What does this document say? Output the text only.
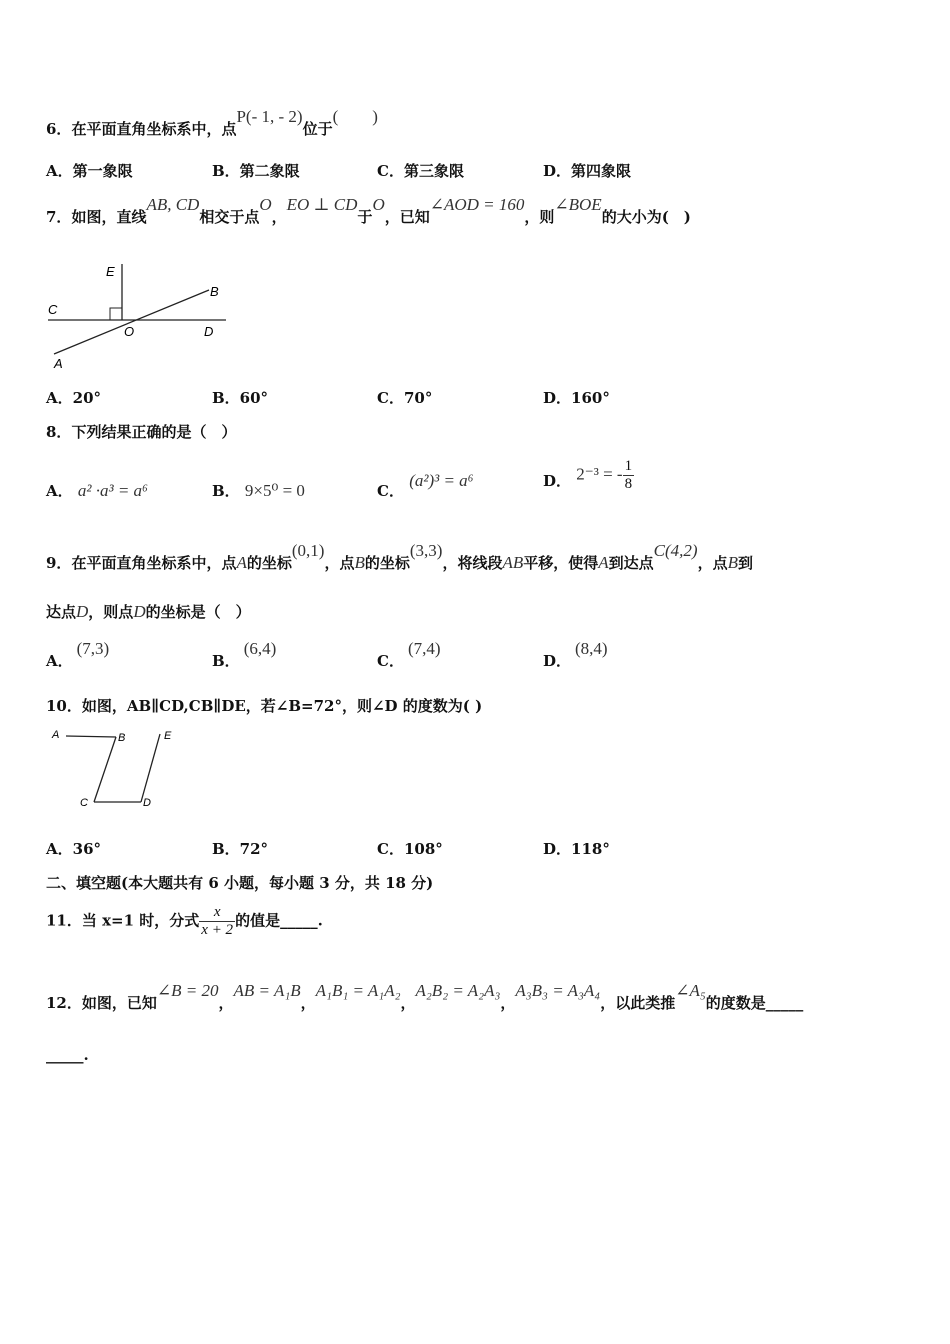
6．在平面直角坐标系中，点P(- 1, - 2)位于(　　)
A．第一象限	B．第二象限	C．第三象限	D．第四象限
7．如图，直线AB, CD相交于点O，EO ⊥ CD于O，已知∠AOD = 160，则∠BOE的大小为(　)
E
C
O	D
B
A
A．20°	B．60°	C．70°	D．160°
8．下列结果正确的是（　）
A． a² ·a³ = a⁶	B． 9×5⁰ = 0	C． (a²)³ = a⁶	D． 2⁻³ = - $\frac{1}{8}$
9．在平面直角坐标系中，点A的坐标(0,1)，点B的坐标(3,3)，将线段AB平移，使得A到达点C(4,2)，点B到
达点D，则点D的坐标是（　）
A．(7,3)
B．(6,4)
C．(7,4)
D．(8,4)
10．如图，AB∥CD,CB∥DE，若∠B=72°，则∠D 的度数为( )
A	B	E
C	D
A．36°	B．72°	C．108°	D．118°
二、填空题(本大题共有 6 小题，每小题 3 分，共 18 分)
11．当 x=1 时，分式 $\frac{x}{x + 2}$ 的值是_____.
12．如图，已知∠B = 20，AB = A₁B，A₁B₁ = A₁A₂，A₂B₂ = A₂A₃，A₃B₃ = A₃A₄，以此类推∠A₅的度数是_____
_____.
